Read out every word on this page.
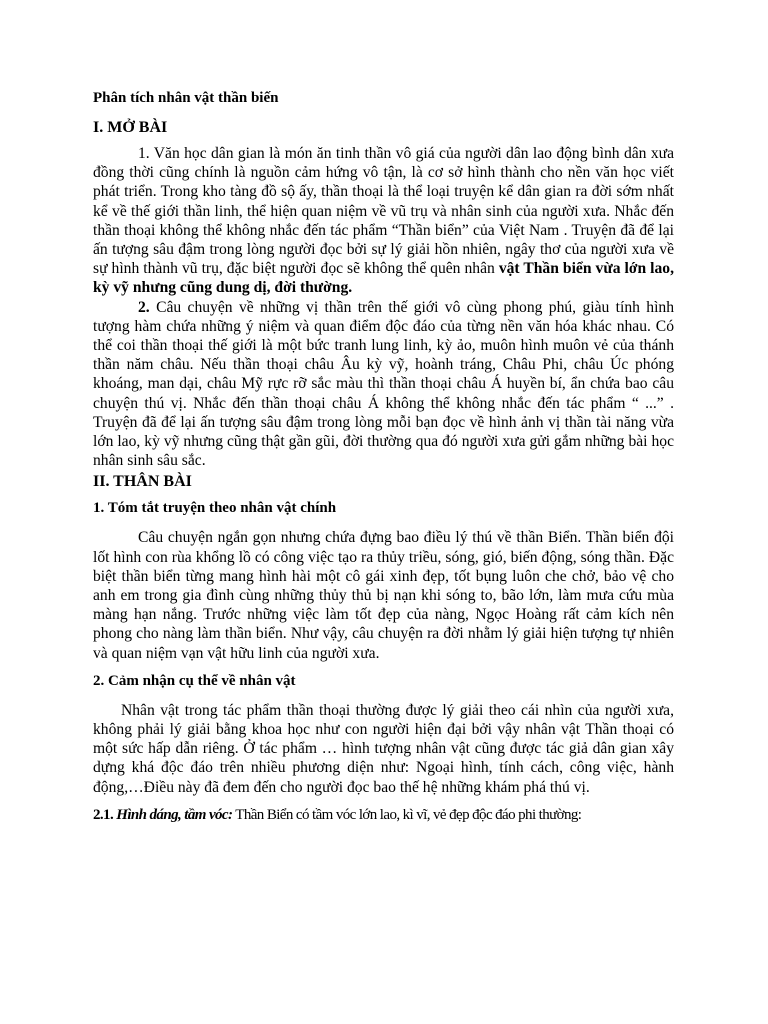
Phân tích nhân vật thần biến
I. MỞ BÀI

1. Văn học dân gian là món ăn tinh thần vô giá của người dân lao động bình dân xưa đồng thời cũng chính là nguồn cảm hứng vô tận, là cơ sở hình thành cho nền văn học viết phát triển. Trong kho tàng đồ sộ ấy, thần thoại là thể loại truyện kể dân gian ra đời sớm nhất kể về thế giới thần linh, thể hiện quan niệm về vũ trụ và nhân sinh của người xưa. Nhắc đến thần thoại không thể không nhắc đến tác phẩm “Thần biển” của Việt Nam . Truyện đã để lại ấn tượng sâu đậm trong lòng người đọc bởi sự lý giải hồn nhiên, ngây thơ của người xưa về sự hình thành vũ trụ, đặc biệt người đọc sẽ không thể quên nhân vật Thần biển vừa lớn lao, kỳ vỹ nhưng cũng dung dị, đời thường.

2. Câu chuyện về những vị thần trên thế giới vô cùng phong phú, giàu tính hình tượng hàm chứa những ý niệm và quan điểm độc đáo của từng nền văn hóa khác nhau. Có thể coi thần thoại thế giới là một bức tranh lung linh, kỳ ảo, muôn hình muôn vẻ của thánh thần năm châu. Nếu thần thoại châu Âu kỳ vỹ, hoành tráng, Châu Phi, châu Úc phóng khoáng, man dại, châu Mỹ rực rỡ sắc màu thì thần thoại châu Á huyền bí, ẩn chứa bao câu chuyện thú vị. Nhắc đến thần thoại châu Á không thể không nhắc đến tác phẩm “ ...” . Truyện đã để lại ấn tượng sâu đậm trong lòng mỗi bạn đọc về hình ảnh vị thần tài năng vừa lớn lao, kỳ vỹ nhưng cũng thật gần gũi, đời thường qua đó người xưa gửi gắm những bài học nhân sinh sâu sắc.

II. THÂN BÀI
1. Tóm tắt truyện theo nhân vật chính

Câu chuyện ngắn gọn nhưng chứa đựng bao điều lý thú về thần Biển. Thần biển đội lốt hình con rùa khổng lồ có công việc tạo ra thủy triều, sóng, gió, biến động, sóng thần. Đặc biệt thần biển từng mang hình hài một cô gái xinh đẹp, tốt bụng luôn che chở, bảo vệ cho anh em trong gia đình cùng những thủy thủ bị nạn khi sóng to, bão lớn, làm mưa cứu mùa màng hạn nắng. Trước những việc làm tốt đẹp của nàng, Ngọc Hoàng rất cảm kích nên phong cho nàng làm thần biển. Như vậy, câu chuyện ra đời nhằm lý giải hiện tượng tự nhiên và quan niệm vạn vật hữu linh của người xưa.

2. Cảm nhận cụ thể về nhân vật

Nhân vật trong tác phẩm thần thoại thường được lý giải theo cái nhìn của người xưa, không phải lý giải bằng khoa học như con người hiện đại bởi vậy nhân vật Thần thoại có một sức hấp dẫn riêng. Ở tác phẩm … hình tượng nhân vật cũng được tác giả dân gian xây dựng khá độc đáo trên nhiều phương diện như: Ngoại hình, tính cách, công việc, hành động,…Điều này đã đem đến cho người đọc bao thế hệ những khám phá thú vị.

2.1. Hình dáng, tầm vóc: Thần Biển có tầm vóc lớn lao, kì vĩ, vẻ đẹp độc đáo phi thường:
